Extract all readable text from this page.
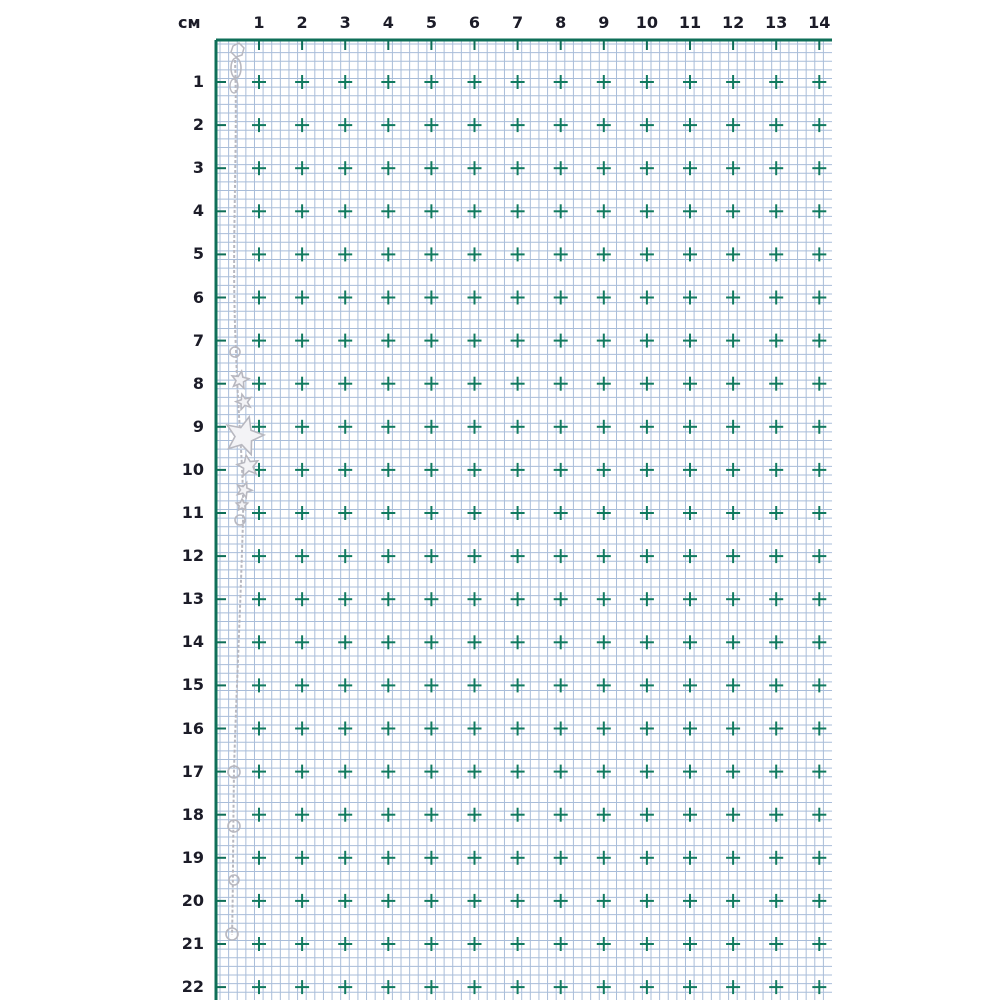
см	1 2 3 4 5 6 7 8 9 10 11 12 13 14
1
2
3
4
5
6
7
8
9
10
11
12
13
14
15
16
17
18
19
20
21
22
